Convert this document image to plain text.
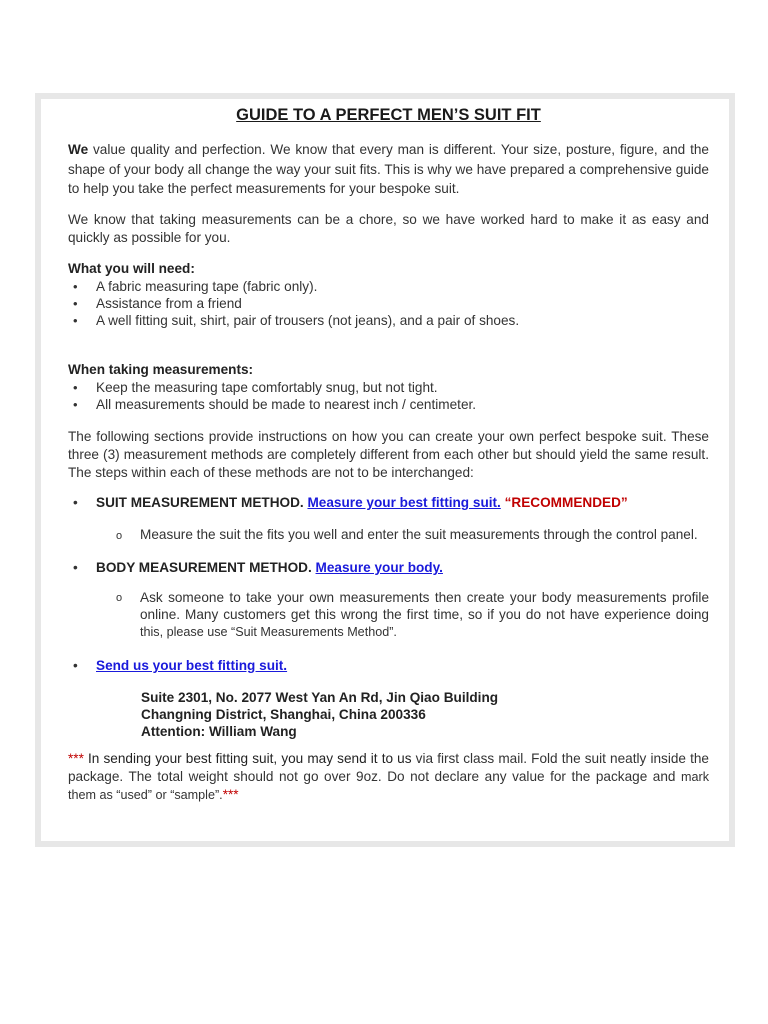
GUIDE TO A PERFECT MEN’S SUIT FIT

We value quality and perfection. We know that every man is different. Your size, posture, figure, and the shape of your body all change the way your suit fits. This is why we have prepared a comprehensive guide to help you take the perfect measurements for your bespoke suit.

We know that taking measurements can be a chore, so we have worked hard to make it as easy and quickly as possible for you.

What you will need:

• A fabric measuring tape (fabric only).
• Assistance from a friend
• A well fitting suit, shirt, pair of trousers (not jeans), and a pair of shoes.

When taking measurements:

• Keep the measuring tape comfortably snug, but not tight.
• All measurements should be made to nearest inch / centimeter.

The following sections provide instructions on how you can create your own perfect bespoke suit. These three (3) measurement methods are completely different from each other but should yield the same result. The steps within each of these methods are not to be interchanged:

• SUIT MEASUREMENT METHOD. Measure your best fitting suit. “RECOMMENDED”
o Measure the suit the fits you well and enter the suit measurements through the control panel.
• BODY MEASUREMENT METHOD. Measure your body.
o Ask someone to take your own measurements then create your body measurements profile online. Many customers get this wrong the first time, so if you do not have experience doing this, please use “Suit Measurements Method”.
• Send us your best fitting suit.
Suite 2301, No. 2077 West Yan An Rd, Jin Qiao Building
Changning District, Shanghai, China 200336
Attention: William Wang

*** In sending your best fitting suit, you may send it to us via first class mail. Fold the suit neatly inside the package. The total weight should not go over 9oz. Do not declare any value for the package and mark them as “used” or “sample”.***
